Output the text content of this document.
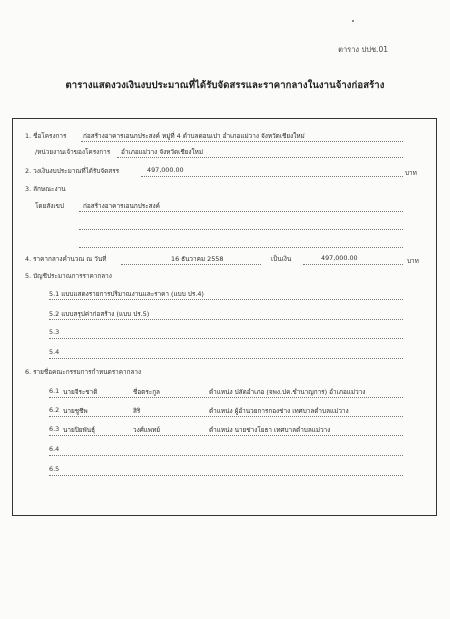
ตาราง ปปช.01
ตารางแสดงวงเงินงบประมาณที่ได้รับจัดสรรและราคากลางในงานจ้างก่อสร้าง
1. ชื่อโครงการ	ก่อสร้างอาคารเอนกประสงค์ หมู่ที่ 4 ตำบลดอนเปา อำเภอแม่วาง จังหวัดเชียงใหม่
/หน่วยงานเจ้าของโครงการ อำเภอแม่วาง จังหวัดเชียงใหม่
2. วงเงินงบประมาณที่ได้รับจัดสรร	497,000.00	บาท
3. ลักษณะงาน
โดยสังเขป	ก่อสร้างอาคารเอนกประสงค์
4. ราคากลางคำนวณ ณ วันที่	16 ธันวาคม 2558	เป็นเงิน	497,000.00	บาท
5. บัญชีประมาณการราคากลาง
5.1 แบบแสดงรายการปริมาณงานและราคา (แบบ ปร.4)
5.2 แบบสรุปค่าก่อสร้าง (แบบ ปร.5)
5.3
5.4
6. รายชื่อคณะกรรมการกำหนดราคากลาง
6.1 นายจีระชาติ	ชื่อตระกูล	ตำแหน่ง ปลัดอำเภอ (จพง.ปค.ชำนาญการ) อำเภอแม่วาง
6.2 นายชูชีพ	สิริ	ตำแหน่ง ผู้อำนวยการกองช่าง เทศบาลตำบลแม่วาง
6.3 นายปิยพันธุ์	วงศ์แพทย์	ตำแหน่ง นายช่างโยธา เทศบาลตำบลแม่วาง
6.4
6.5
